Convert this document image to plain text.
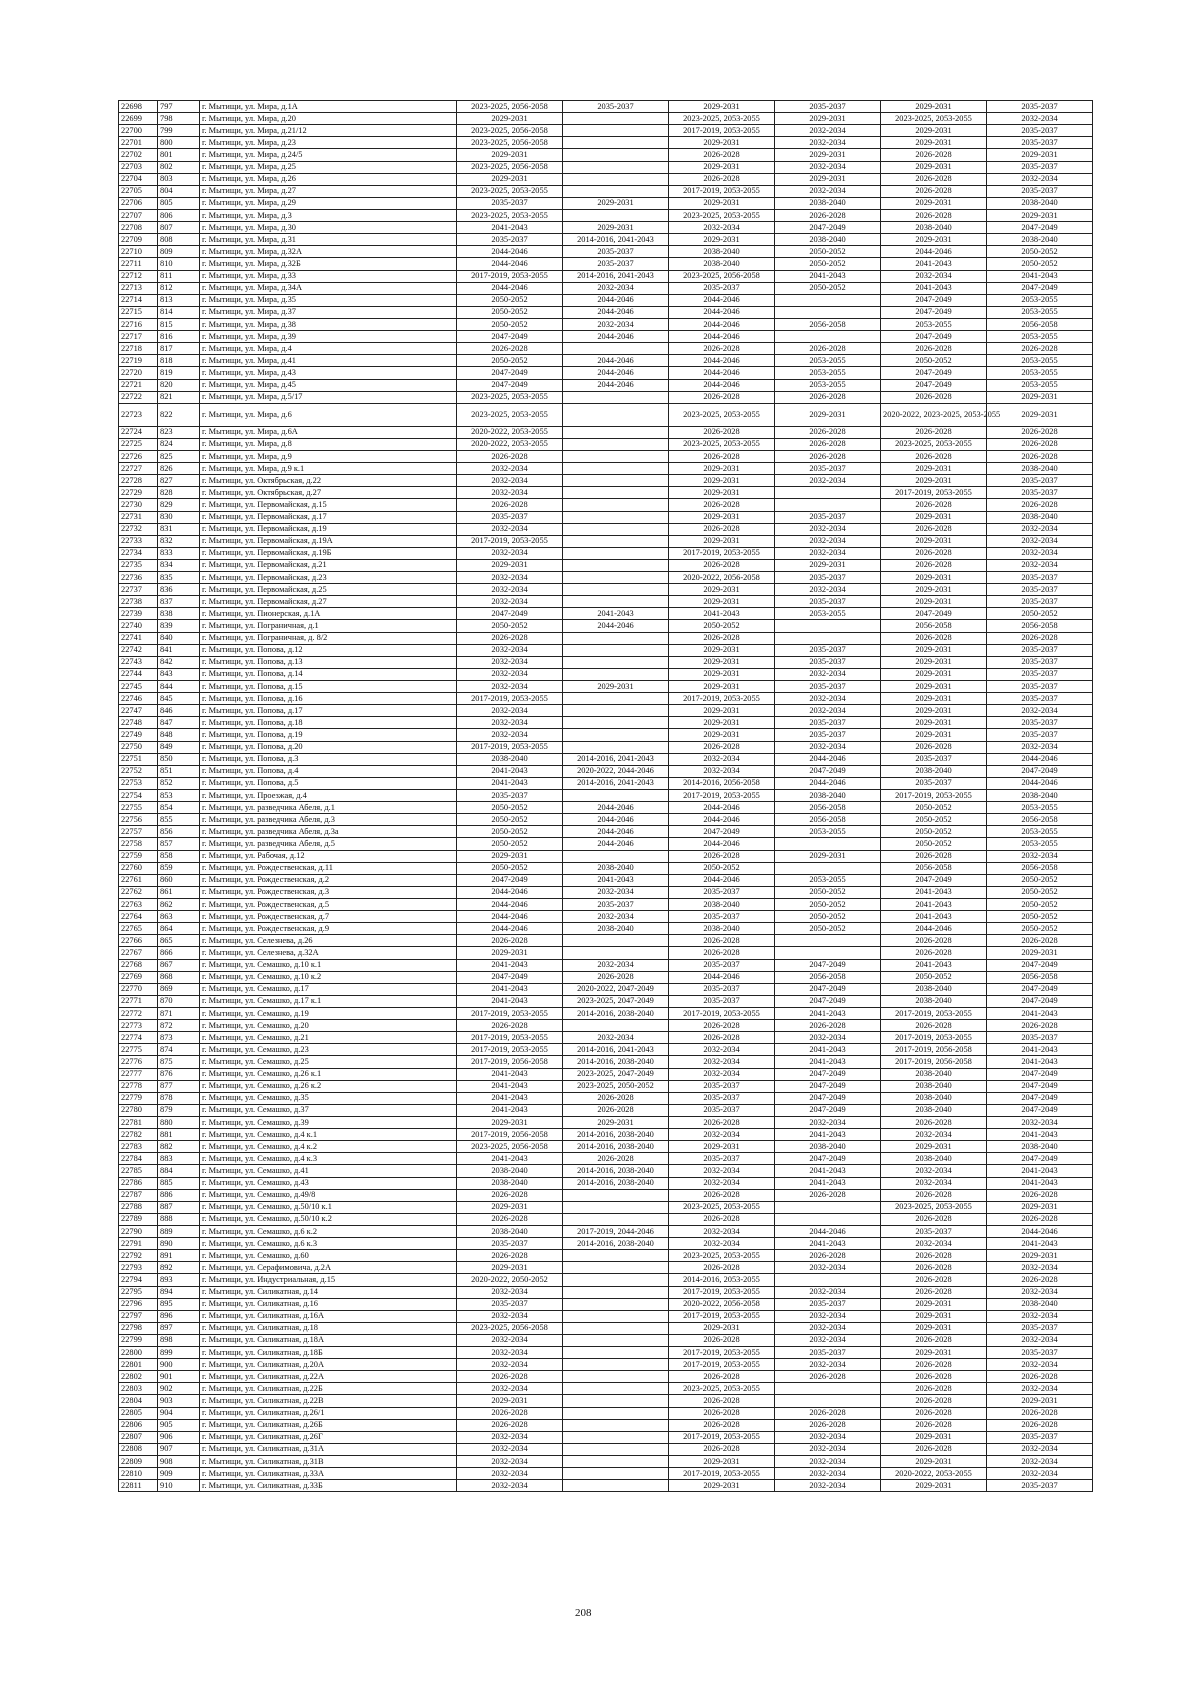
22698	797	г. Мытищи, ул. Мира, д.1А	2023-2025, 2056-2058	2035-2037	2029-2031	2035-2037	2029-2031	2035-2037
22699	798	г. Мытищи, ул. Мира, д.20	2029-2031		2023-2025, 2053-2055	2029-2031	2023-2025, 2053-2055	2032-2034
22700	799	г. Мытищи, ул. Мира, д.21/12	2023-2025, 2056-2058		2017-2019, 2053-2055	2032-2034	2029-2031	2035-2037
22701	800	г. Мытищи, ул. Мира, д.23	2023-2025, 2056-2058		2029-2031	2032-2034	2029-2031	2035-2037
22702	801	г. Мытищи, ул. Мира, д.24/5	2029-2031		2026-2028	2029-2031	2026-2028	2029-2031
22703	802	г. Мытищи, ул. Мира, д.25	2023-2025, 2056-2058		2029-2031	2032-2034	2029-2031	2035-2037
22704	803	г. Мытищи, ул. Мира, д.26	2029-2031		2026-2028	2029-2031	2026-2028	2032-2034
22705	804	г. Мытищи, ул. Мира, д.27	2023-2025, 2053-2055		2017-2019, 2053-2055	2032-2034	2026-2028	2035-2037
22706	805	г. Мытищи, ул. Мира, д.29	2035-2037	2029-2031	2029-2031	2038-2040	2029-2031	2038-2040
22707	806	г. Мытищи, ул. Мира, д.3	2023-2025, 2053-2055		2023-2025, 2053-2055	2026-2028	2026-2028	2029-2031
22708	807	г. Мытищи, ул. Мира, д.30	2041-2043	2029-2031	2032-2034	2047-2049	2038-2040	2047-2049
22709	808	г. Мытищи, ул. Мира, д.31	2035-2037	2014-2016, 2041-2043	2029-2031	2038-2040	2029-2031	2038-2040
22710	809	г. Мытищи, ул. Мира, д.32А	2044-2046	2035-2037	2038-2040	2050-2052	2044-2046	2050-2052
22711	810	г. Мытищи, ул. Мира, д.32Б	2044-2046	2035-2037	2038-2040	2050-2052	2041-2043	2050-2052
22712	811	г. Мытищи, ул. Мира, д.33	2017-2019, 2053-2055	2014-2016, 2041-2043	2023-2025, 2056-2058	2041-2043	2032-2034	2041-2043
22713	812	г. Мытищи, ул. Мира, д.34А	2044-2046	2032-2034	2035-2037	2050-2052	2041-2043	2047-2049
22714	813	г. Мытищи, ул. Мира, д.35	2050-2052	2044-2046	2044-2046		2047-2049	2053-2055
22715	814	г. Мытищи, ул. Мира, д.37	2050-2052	2044-2046	2044-2046		2047-2049	2053-2055
22716	815	г. Мытищи, ул. Мира, д.38	2050-2052	2032-2034	2044-2046	2056-2058	2053-2055	2056-2058
22717	816	г. Мытищи, ул. Мира, д.39	2047-2049	2044-2046	2044-2046		2047-2049	2053-2055
22718	817	г. Мытищи, ул. Мира, д.4	2026-2028		2026-2028	2026-2028	2026-2028	2026-2028
22719	818	г. Мытищи, ул. Мира, д.41	2050-2052	2044-2046	2044-2046	2053-2055	2050-2052	2053-2055
22720	819	г. Мытищи, ул. Мира, д.43	2047-2049	2044-2046	2044-2046	2053-2055	2047-2049	2053-2055
22721	820	г. Мытищи, ул. Мира, д.45	2047-2049	2044-2046	2044-2046	2053-2055	2047-2049	2053-2055
22722	821	г. Мытищи, ул. Мира, д.5/17	2023-2025, 2053-2055		2026-2028	2026-2028	2026-2028	2029-2031
22723	822	г. Мытищи, ул. Мира, д.6	2023-2025, 2053-2055		2023-2025, 2053-2055	2029-2031	2020-2022, 2023-2025, 2053-2055	2029-2031
22724	823	г. Мытищи, ул. Мира, д.6А	2020-2022, 2053-2055		2026-2028	2026-2028	2026-2028	2026-2028
22725	824	г. Мытищи, ул. Мира, д.8	2020-2022, 2053-2055		2023-2025, 2053-2055	2026-2028	2023-2025, 2053-2055	2026-2028
22726	825	г. Мытищи, ул. Мира, д.9	2026-2028		2026-2028	2026-2028	2026-2028	2026-2028
22727	826	г. Мытищи, ул. Мира, д.9 к.1	2032-2034		2029-2031	2035-2037	2029-2031	2038-2040
22728	827	г. Мытищи, ул. Октябрьская, д.22	2032-2034		2029-2031	2032-2034	2029-2031	2035-2037
22729	828	г. Мытищи, ул. Октябрьская, д.27	2032-2034		2029-2031		2017-2019, 2053-2055	2035-2037
22730	829	г. Мытищи, ул. Первомайская, д.15	2026-2028		2026-2028		2026-2028	2026-2028
22731	830	г. Мытищи, ул. Первомайская, д.17	2035-2037		2029-2031	2035-2037	2029-2031	2038-2040
22732	831	г. Мытищи, ул. Первомайская, д.19	2032-2034		2026-2028	2032-2034	2026-2028	2032-2034
22733	832	г. Мытищи, ул. Первомайская, д.19А	2017-2019, 2053-2055		2029-2031	2032-2034	2029-2031	2032-2034
22734	833	г. Мытищи, ул. Первомайская, д.19Б	2032-2034		2017-2019, 2053-2055	2032-2034	2026-2028	2032-2034
22735	834	г. Мытищи, ул. Первомайская, д.21	2029-2031		2026-2028	2029-2031	2026-2028	2032-2034
22736	835	г. Мытищи, ул. Первомайская, д.23	2032-2034		2020-2022, 2056-2058	2035-2037	2029-2031	2035-2037
22737	836	г. Мытищи, ул. Первомайская, д.25	2032-2034		2029-2031	2032-2034	2029-2031	2035-2037
22738	837	г. Мытищи, ул. Первомайская, д.27	2032-2034		2029-2031	2035-2037	2029-2031	2035-2037
22739	838	г. Мытищи, ул. Пионерская, д.1А	2047-2049	2041-2043	2041-2043	2053-2055	2047-2049	2050-2052
22740	839	г. Мытищи, ул. Пограничная, д.1	2050-2052	2044-2046	2050-2052		2056-2058	2056-2058
22741	840	г. Мытищи, ул. Пограничная, д. 8/2	2026-2028		2026-2028		2026-2028	2026-2028
22742	841	г. Мытищи, ул. Попова, д.12	2032-2034		2029-2031	2035-2037	2029-2031	2035-2037
22743	842	г. Мытищи, ул. Попова, д.13	2032-2034		2029-2031	2035-2037	2029-2031	2035-2037
22744	843	г. Мытищи, ул. Попова, д.14	2032-2034		2029-2031	2032-2034	2029-2031	2035-2037
22745	844	г. Мытищи, ул. Попова, д.15	2032-2034	2029-2031	2029-2031	2035-2037	2029-2031	2035-2037
22746	845	г. Мытищи, ул. Попова, д.16	2017-2019, 2053-2055		2017-2019, 2053-2055	2032-2034	2029-2031	2035-2037
22747	846	г. Мытищи, ул. Попова, д.17	2032-2034		2029-2031	2032-2034	2029-2031	2032-2034
22748	847	г. Мытищи, ул. Попова, д.18	2032-2034		2029-2031	2035-2037	2029-2031	2035-2037
22749	848	г. Мытищи, ул. Попова, д.19	2032-2034		2029-2031	2035-2037	2029-2031	2035-2037
22750	849	г. Мытищи, ул. Попова, д.20	2017-2019, 2053-2055		2026-2028	2032-2034	2026-2028	2032-2034
22751	850	г. Мытищи, ул. Попова, д.3	2038-2040	2014-2016, 2041-2043	2032-2034	2044-2046	2035-2037	2044-2046
22752	851	г. Мытищи, ул. Попова, д.4	2041-2043	2020-2022, 2044-2046	2032-2034	2047-2049	2038-2040	2047-2049
22753	852	г. Мытищи, ул. Попова, д.5	2041-2043	2014-2016, 2041-2043	2014-2016, 2056-2058	2044-2046	2035-2037	2044-2046
22754	853	г. Мытищи, ул. Проезжая, д.4	2035-2037		2017-2019, 2053-2055	2038-2040	2017-2019, 2053-2055	2038-2040
22755	854	г. Мытищи, ул. разведчика Абеля, д.1	2050-2052	2044-2046	2044-2046	2056-2058	2050-2052	2053-2055
22756	855	г. Мытищи, ул. разведчика Абеля, д.3	2050-2052	2044-2046	2044-2046	2056-2058	2050-2052	2056-2058
22757	856	г. Мытищи, ул. разведчика Абеля, д.3а	2050-2052	2044-2046	2047-2049	2053-2055	2050-2052	2053-2055
22758	857	г. Мытищи, ул. разведчика Абеля, д.5	2050-2052	2044-2046	2044-2046		2050-2052	2053-2055
22759	858	г. Мытищи, ул. Рабочая, д.12	2029-2031		2026-2028	2029-2031	2026-2028	2032-2034
22760	859	г. Мытищи, ул. Рождественская, д.11	2050-2052	2038-2040	2050-2052		2056-2058	2056-2058
22761	860	г. Мытищи, ул. Рождественская, д.2	2047-2049	2041-2043	2044-2046	2053-2055	2047-2049	2050-2052
22762	861	г. Мытищи, ул. Рождественская, д.3	2044-2046	2032-2034	2035-2037	2050-2052	2041-2043	2050-2052
22763	862	г. Мытищи, ул. Рождественская, д.5	2044-2046	2035-2037	2038-2040	2050-2052	2041-2043	2050-2052
22764	863	г. Мытищи, ул. Рождественская, д.7	2044-2046	2032-2034	2035-2037	2050-2052	2041-2043	2050-2052
22765	864	г. Мытищи, ул. Рождественская, д.9	2044-2046	2038-2040	2038-2040	2050-2052	2044-2046	2050-2052
22766	865	г. Мытищи, ул. Селезнева, д.26	2026-2028		2026-2028		2026-2028	2026-2028
22767	866	г. Мытищи, ул. Селезнева, д.32А	2029-2031		2026-2028		2026-2028	2029-2031
22768	867	г. Мытищи, ул. Семашко, д.10 к.1	2041-2043	2032-2034	2035-2037	2047-2049	2041-2043	2047-2049
22769	868	г. Мытищи, ул. Семашко, д.10 к.2	2047-2049	2026-2028	2044-2046	2056-2058	2050-2052	2056-2058
22770	869	г. Мытищи, ул. Семашко, д.17	2041-2043	2020-2022, 2047-2049	2035-2037	2047-2049	2038-2040	2047-2049
22771	870	г. Мытищи, ул. Семашко, д.17 к.1	2041-2043	2023-2025, 2047-2049	2035-2037	2047-2049	2038-2040	2047-2049
22772	871	г. Мытищи, ул. Семашко, д.19	2017-2019, 2053-2055	2014-2016, 2038-2040	2017-2019, 2053-2055	2041-2043	2017-2019, 2053-2055	2041-2043
22773	872	г. Мытищи, ул. Семашко, д.20	2026-2028		2026-2028	2026-2028	2026-2028	2026-2028
22774	873	г. Мытищи, ул. Семашко, д.21	2017-2019, 2053-2055	2032-2034	2026-2028	2032-2034	2017-2019, 2053-2055	2035-2037
22775	874	г. Мытищи, ул. Семашко, д.23	2017-2019, 2053-2055	2014-2016, 2041-2043	2032-2034	2041-2043	2017-2019, 2056-2058	2041-2043
22776	875	г. Мытищи, ул. Семашко, д.25	2017-2019, 2056-2058	2014-2016, 2038-2040	2032-2034	2041-2043	2017-2019, 2056-2058	2041-2043
22777	876	г. Мытищи, ул. Семашко, д.26 к.1	2041-2043	2023-2025, 2047-2049	2032-2034	2047-2049	2038-2040	2047-2049
22778	877	г. Мытищи, ул. Семашко, д.26 к.2	2041-2043	2023-2025, 2050-2052	2035-2037	2047-2049	2038-2040	2047-2049
22779	878	г. Мытищи, ул. Семашко, д.35	2041-2043	2026-2028	2035-2037	2047-2049	2038-2040	2047-2049
22780	879	г. Мытищи, ул. Семашко, д.37	2041-2043	2026-2028	2035-2037	2047-2049	2038-2040	2047-2049
22781	880	г. Мытищи, ул. Семашко, д.39	2029-2031	2029-2031	2026-2028	2032-2034	2026-2028	2032-2034
22782	881	г. Мытищи, ул. Семашко, д.4 к.1	2017-2019, 2056-2058	2014-2016, 2038-2040	2032-2034	2041-2043	2032-2034	2041-2043
22783	882	г. Мытищи, ул. Семашко, д.4 к.2	2023-2025, 2056-2058	2014-2016, 2038-2040	2029-2031	2038-2040	2029-2031	2038-2040
22784	883	г. Мытищи, ул. Семашко, д.4 к.3	2041-2043	2026-2028	2035-2037	2047-2049	2038-2040	2047-2049
22785	884	г. Мытищи, ул. Семашко, д.41	2038-2040	2014-2016, 2038-2040	2032-2034	2041-2043	2032-2034	2041-2043
22786	885	г. Мытищи, ул. Семашко, д.43	2038-2040	2014-2016, 2038-2040	2032-2034	2041-2043	2032-2034	2041-2043
22787	886	г. Мытищи, ул. Семашко, д.49/8	2026-2028		2026-2028	2026-2028	2026-2028	2026-2028
22788	887	г. Мытищи, ул. Семашко, д.50/10 к.1	2029-2031		2023-2025, 2053-2055		2023-2025, 2053-2055	2029-2031
22789	888	г. Мытищи, ул. Семашко, д.50/10 к.2	2026-2028		2026-2028		2026-2028	2026-2028
22790	889	г. Мытищи, ул. Семашко, д.6 к.2	2038-2040	2017-2019, 2044-2046	2032-2034	2044-2046	2035-2037	2044-2046
22791	890	г. Мытищи, ул. Семашко, д.6 к.3	2035-2037	2014-2016, 2038-2040	2032-2034	2041-2043	2032-2034	2041-2043
22792	891	г. Мытищи, ул. Семашко, д.60	2026-2028		2023-2025, 2053-2055	2026-2028	2026-2028	2029-2031
22793	892	г. Мытищи, ул. Серафимовича, д.2А	2029-2031		2026-2028	2032-2034	2026-2028	2032-2034
22794	893	г. Мытищи, ул. Индустриальная, д.15	2020-2022, 2050-2052		2014-2016, 2053-2055		2026-2028	2026-2028
22795	894	г. Мытищи, ул. Силикатная, д.14	2032-2034		2017-2019, 2053-2055	2032-2034	2026-2028	2032-2034
22796	895	г. Мытищи, ул. Силикатная, д.16	2035-2037		2020-2022, 2056-2058	2035-2037	2029-2031	2038-2040
22797	896	г. Мытищи, ул. Силикатная, д.16А	2032-2034		2017-2019, 2053-2055	2032-2034	2029-2031	2032-2034
22798	897	г. Мытищи, ул. Силикатная, д.18	2023-2025, 2056-2058		2029-2031	2032-2034	2029-2031	2035-2037
22799	898	г. Мытищи, ул. Силикатная, д.18А	2032-2034		2026-2028	2032-2034	2026-2028	2032-2034
22800	899	г. Мытищи, ул. Силикатная, д.18Б	2032-2034		2017-2019, 2053-2055	2035-2037	2029-2031	2035-2037
22801	900	г. Мытищи, ул. Силикатная, д.20А	2032-2034		2017-2019, 2053-2055	2032-2034	2026-2028	2032-2034
22802	901	г. Мытищи, ул. Силикатная, д.22А	2026-2028		2026-2028	2026-2028	2026-2028	2026-2028
22803	902	г. Мытищи, ул. Силикатная, д.22Б	2032-2034		2023-2025, 2053-2055		2026-2028	2032-2034
22804	903	г. Мытищи, ул. Силикатная, д.22В	2029-2031		2026-2028		2026-2028	2029-2031
22805	904	г. Мытищи, ул. Силикатная, д.26/1	2026-2028		2026-2028	2026-2028	2026-2028	2026-2028
22806	905	г. Мытищи, ул. Силикатная, д.26Б	2026-2028		2026-2028	2026-2028	2026-2028	2026-2028
22807	906	г. Мытищи, ул. Силикатная, д.26Г	2032-2034		2017-2019, 2053-2055	2032-2034	2029-2031	2035-2037
22808	907	г. Мытищи, ул. Силикатная, д.31А	2032-2034		2026-2028	2032-2034	2026-2028	2032-2034
22809	908	г. Мытищи, ул. Силикатная, д.31В	2032-2034		2029-2031	2032-2034	2029-2031	2032-2034
22810	909	г. Мытищи, ул. Силикатная, д.33А	2032-2034		2017-2019, 2053-2055	2032-2034	2020-2022, 2053-2055	2032-2034
22811	910	г. Мытищи, ул. Силикатная, д.33Б	2032-2034		2029-2031	2032-2034	2029-2031	2035-2037
208
